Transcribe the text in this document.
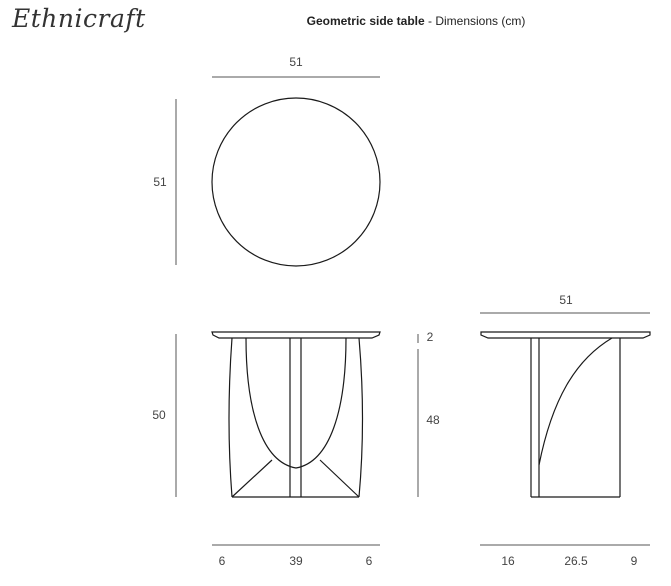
Ethnicraft	Geometric side table - Dimensions (cm)
51
51
50
2
48
6	39	6
51
16	26.5	9
